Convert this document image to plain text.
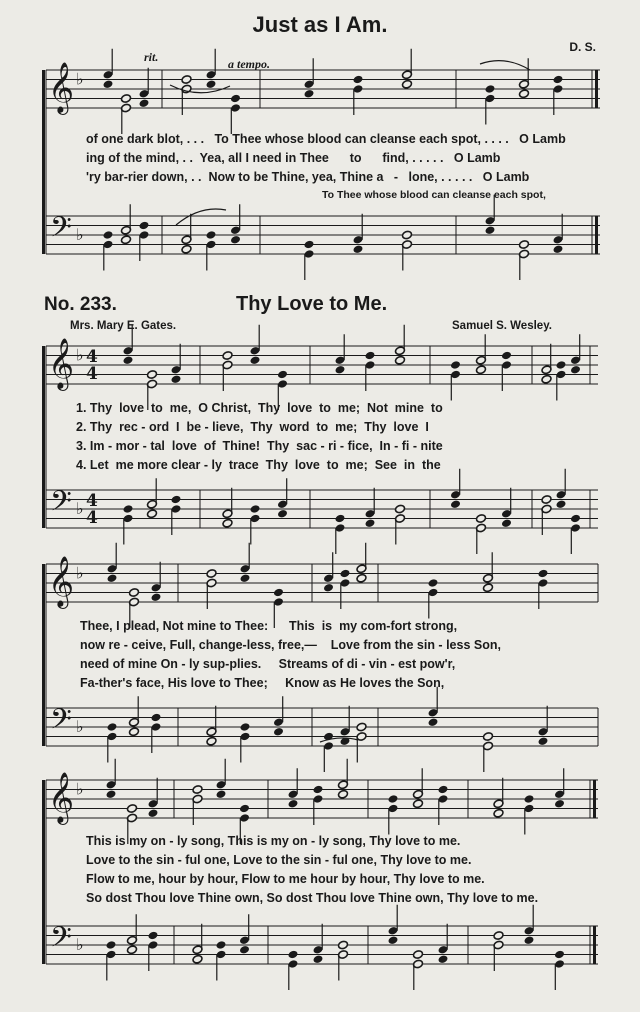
Just as I Am.
D. S.
rit.	a tempo.
𝄞
𝄢
♭
♭
𝄞
𝄢
♭
♭
4
4
4
4
𝄞
𝄢
♭
♭
𝄞
𝄢
♭
♭
of one dark blot, . . .   To Thee whose blood can cleanse each spot, . . . .   O Lamb
ing of the mind, . .  Yea, all I need in Thee      to      find, . . . . .   O Lamb
'ry bar-rier down, . .  Now to be Thine, yea, Thine a   -   lone, . . . . .   O Lamb
To Thee whose blood can cleanse each spot,
No. 233.	Thy Love to Me.
Mrs. Mary E. Gates.	Samuel S. Wesley.
1. Thy  love  to  me,  O Christ,  Thy  love  to  me;  Not  mine  to
2. Thy  rec - ord  I  be - lieve,  Thy  word  to  me;  Thy  love  I
3. Im - mor - tal  love  of  Thine!  Thy  sac - ri - fice,  In - fi - nite
4. Let  me more clear - ly  trace  Thy  love  to  me;  See  in  the
Thee, I plead, Not mine to Thee:      This  is  my com-fort strong,
now re - ceive, Full, change-less, free,—    Love from the sin - less Son,
need of mine On - ly sup-plies.     Streams of di - vin - est pow'r,
Fa-ther's face, His love to Thee;     Know as He loves the Son,
This is my on - ly song, This is my on - ly song, Thy love to me.
Love to the sin - ful one, Love to the sin - ful one, Thy love to me.
Flow to me, hour by hour, Flow to me hour by hour, Thy love to me.
So dost Thou love Thine own, So dost Thou love Thine own, Thy love to me.
